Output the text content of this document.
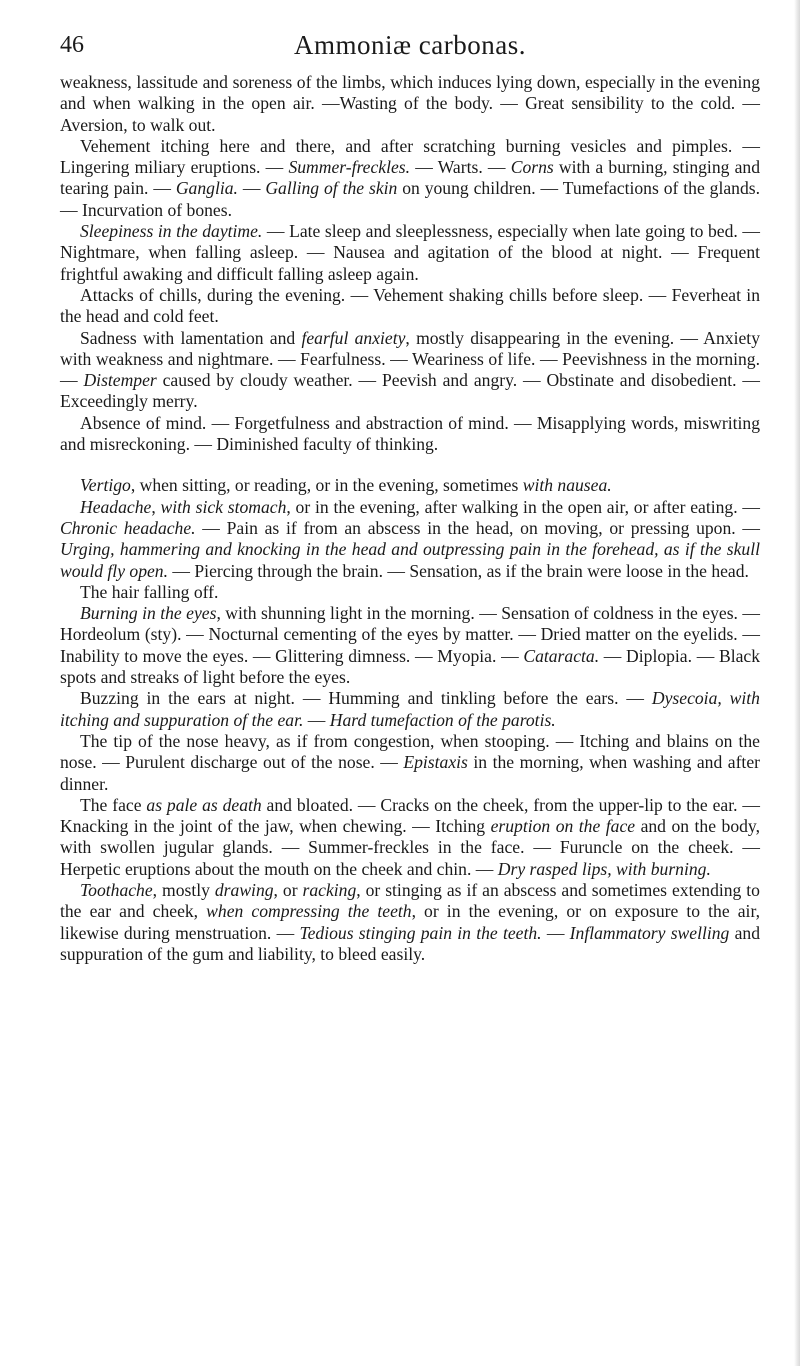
46	Ammoniæ carbonas.

weakness, lassitude and soreness of the limbs, which induces lying down, especially in the evening and when walking in the open air. —Wasting of the body. — Great sensibility to the cold. — Aversion, to walk out.

Vehement itching here and there, and after scratching burning vesicles and pimples. — Lingering miliary eruptions. — Summer-freckles. — Warts. — Corns with a burning, stinging and tearing pain. — Ganglia. — Galling of the skin on young children. — Tumefactions of the glands. — Incurvation of bones.

Sleepiness in the daytime. — Late sleep and sleeplessness, especially when late going to bed. — Nightmare, when falling asleep. — Nausea and agitation of the blood at night. — Frequent frightful awaking and difficult falling asleep again.

Attacks of chills, during the evening. — Vehement shaking chills before sleep. — Feverheat in the head and cold feet.

Sadness with lamentation and fearful anxiety, mostly disappearing in the evening. — Anxiety with weakness and nightmare. — Fearfulness. — Weariness of life. — Peevishness in the morning. — Distemper caused by cloudy weather. — Peevish and angry. — Obstinate and disobedient. — Exceedingly merry.

Absence of mind. — Forgetfulness and abstraction of mind. — Misapplying words, miswriting and misreckoning. — Diminished faculty of thinking.

Vertigo, when sitting, or reading, or in the evening, sometimes with nausea.

Headache, with sick stomach, or in the evening, after walking in the open air, or after eating. — Chronic headache. — Pain as if from an abscess in the head, on moving, or pressing upon. — Urging, hammering and knocking in the head and outpressing pain in the forehead, as if the skull would fly open. — Piercing through the brain. — Sensation, as if the brain were loose in the head.

The hair falling off.

Burning in the eyes, with shunning light in the morning. — Sensation of coldness in the eyes. — Hordeolum (sty). — Nocturnal cementing of the eyes by matter. — Dried matter on the eyelids. — Inability to move the eyes. — Glittering dimness. — Myopia. — Cataracta. — Diplopia. — Black spots and streaks of light before the eyes.

Buzzing in the ears at night. — Humming and tinkling before the ears. — Dysecoia, with itching and suppuration of the ear. — Hard tumefaction of the parotis.

The tip of the nose heavy, as if from congestion, when stooping. — Itching and blains on the nose. — Purulent discharge out of the nose. — Epistaxis in the morning, when washing and after dinner.

The face as pale as death and bloated. — Cracks on the cheek, from the upper-lip to the ear. — Knacking in the joint of the jaw, when chewing. — Itching eruption on the face and on the body, with swollen jugular glands. — Summer-freckles in the face. — Furuncle on the cheek. — Herpetic eruptions about the mouth on the cheek and chin. — Dry rasped lips, with burning.

Toothache, mostly drawing, or racking, or stinging as if an abscess and sometimes extending to the ear and cheek, when compressing the teeth, or in the evening, or on exposure to the air, likewise during menstruation. — Tedious stinging pain in the teeth. — Inflammatory swelling and suppuration of the gum and liability, to bleed easily.
